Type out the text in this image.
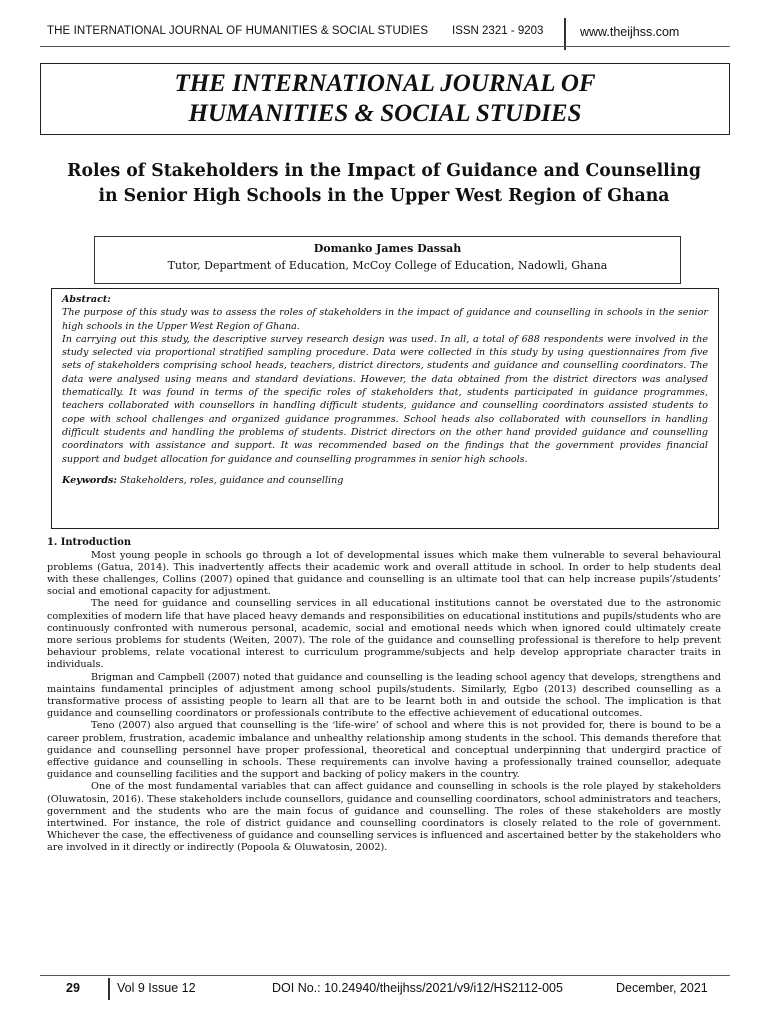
THE INTERNATIONAL JOURNAL OF HUMANITIES & SOCIAL STUDIES ISSN 2321 - 9203	www.theijhss.com
THE INTERNATIONAL JOURNAL OF
HUMANITIES & SOCIAL STUDIES
Roles of Stakeholders in the Impact of Guidance and Counselling in Senior High Schools in the Upper West Region of Ghana
Domanko James Dassah
Tutor, Department of Education, McCoy College of Education, Nadowli, Ghana

Abstract:

The purpose of this study was to assess the roles of stakeholders in the impact of guidance and counselling in schools in the senior high schools in the Upper West Region of Ghana.

In carrying out this study, the descriptive survey research design was used. In all, a total of 688 respondents were involved in the study selected via proportional stratified sampling procedure. Data were collected in this study by using questionnaires from five sets of stakeholders comprising school heads, teachers, district directors, students and guidance and counselling coordinators. The data were analysed using means and standard deviations. However, the data obtained from the district directors was analysed thematically. It was found in terms of the specific roles of stakeholders that, students participated in guidance programmes, teachers collaborated with counsellors in handling difficult students, guidance and counselling coordinators assisted students to cope with school challenges and organized guidance programmes. School heads also collaborated with counsellors in handling difficult students and handling the problems of students. District directors on the other hand provided guidance and counselling coordinators with assistance and support. It was recommended based on the findings that the government provides financial support and budget allocation for guidance and counselling programmes in senior high schools.

Keywords: Stakeholders, roles, guidance and counselling

1. Introduction

Most young people in schools go through a lot of developmental issues which make them vulnerable to several behavioural problems (Gatua, 2014). This inadvertently affects their academic work and overall attitude in school. In order to help students deal with these challenges, Collins (2007) opined that guidance and counselling is an ultimate tool that can help increase pupils’/students’ social and emotional capacity for adjustment.

The need for guidance and counselling services in all educational institutions cannot be overstated due to the astronomic complexities of modern life that have placed heavy demands and responsibilities on educational institutions and pupils/students who are continuously confronted with numerous personal, academic, social and emotional needs which when ignored could ultimately create more serious problems for students (Weiten, 2007). The role of the guidance and counselling professional is therefore to help prevent behaviour problems, relate vocational interest to curriculum programme/subjects and help develop appropriate character traits in individuals.

Brigman and Campbell (2007) noted that guidance and counselling is the leading school agency that develops, strengthens and maintains fundamental principles of adjustment among school pupils/students. Similarly, Egbo (2013) described counselling as a transformative process of assisting people to learn all that are to be learnt both in and outside the school. The implication is that guidance and counselling coordinators or professionals contribute to the effective achievement of educational outcomes.

Teno (2007) also argued that counselling is the ‘life-wire’ of school and where this is not provided for, there is bound to be a career problem, frustration, academic imbalance and unhealthy relationship among students in the school. This demands therefore that guidance and counselling personnel have proper professional, theoretical and conceptual underpinning that undergird practice of effective guidance and counselling in schools. These requirements can involve having a professionally trained counsellor, adequate guidance and counselling facilities and the support and backing of policy makers in the country.

One of the most fundamental variables that can affect guidance and counselling in schools is the role played by stakeholders (Oluwatosin, 2016). These stakeholders include counsellors, guidance and counselling coordinators, school administrators and teachers, government and the students who are the main focus of guidance and counselling. The roles of these stakeholders are mostly intertwined. For instance, the role of district guidance and counselling coordinators is closely related to the role of government. Whichever the case, the effectiveness of guidance and counselling services is influenced and ascertained better by the stakeholders who are involved in it directly or indirectly (Popoola & Oluwatosin, 2002).

29	Vol 9 Issue 12	DOI No.: 10.24940/theijhss/2021/v9/i12/HS2112-005	December, 2021
